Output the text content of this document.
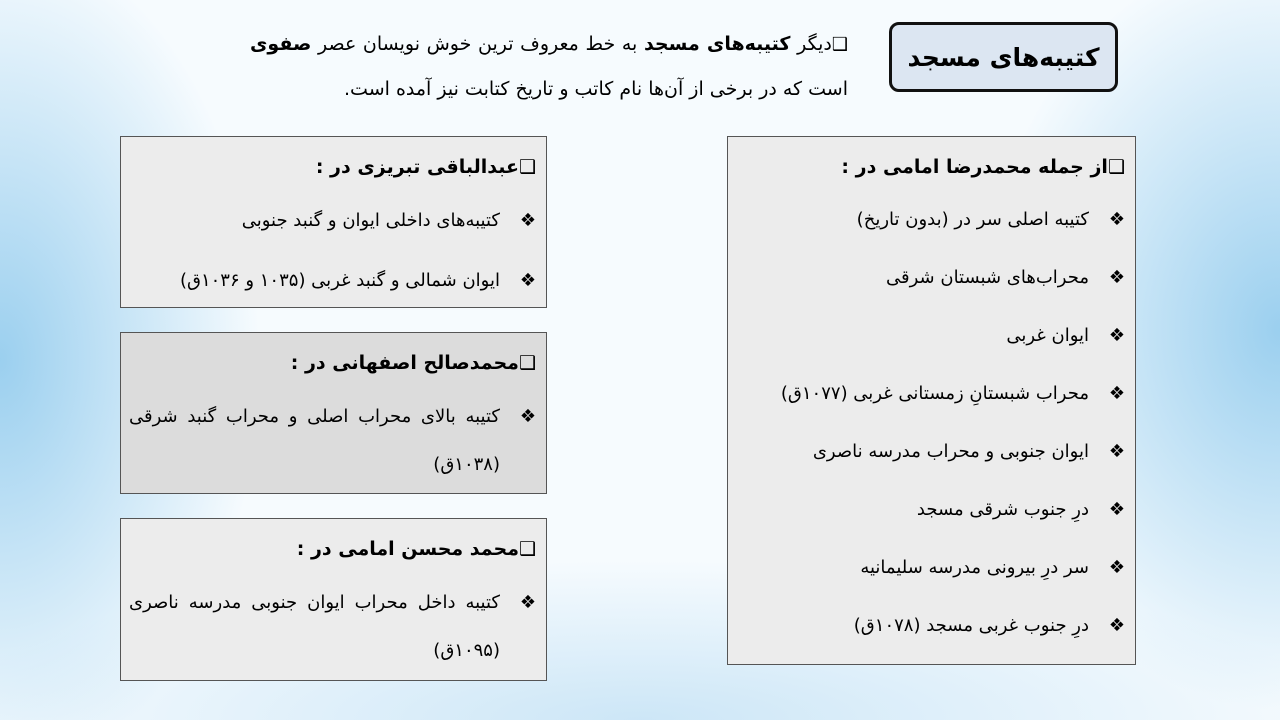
کتیبه‌های مسجد
❑دیگر کتیبه‌های مسجد به خط معروف ترین خوش نویسان عصر صفوی است که در برخی از آن‌ها نام کاتب و تاریخ کتابت نیز آمده است.
❑از جمله محمدرضا امامی در :
❖
کتیبه اصلی سر در (بدون تاریخ)
❖
محراب‌های شبستان شرقی
❖
ایوان غربی
❖
محراب شبستانِ زمستانی غربی (۱۰۷۷ق)
❖
ایوان جنوبی و محراب مدرسه ناصری
❖
درِ جنوب شرقی مسجد
❖
سر درِ بیرونی مدرسه سلیمانیه
❖
درِ جنوب غربی مسجد (۱۰۷۸ق)
❑عبدالباقی تبریزی در :
❖
کتیبه‌های داخلی ایوان و گنبد جنوبی
❖
ایوان شمالی و گنبد غربی (۱۰۳۵ و ۱۰۳۶ق)
❑محمدصالح اصفهانی در :
❖
کتیبه بالای محراب اصلی و محراب گنبد شرقی (۱۰۳۸ق)
❑محمد محسن امامی در :
❖
کتیبه داخل محراب ایوان جنوبی مدرسه ناصری (۱۰۹۵ق)
